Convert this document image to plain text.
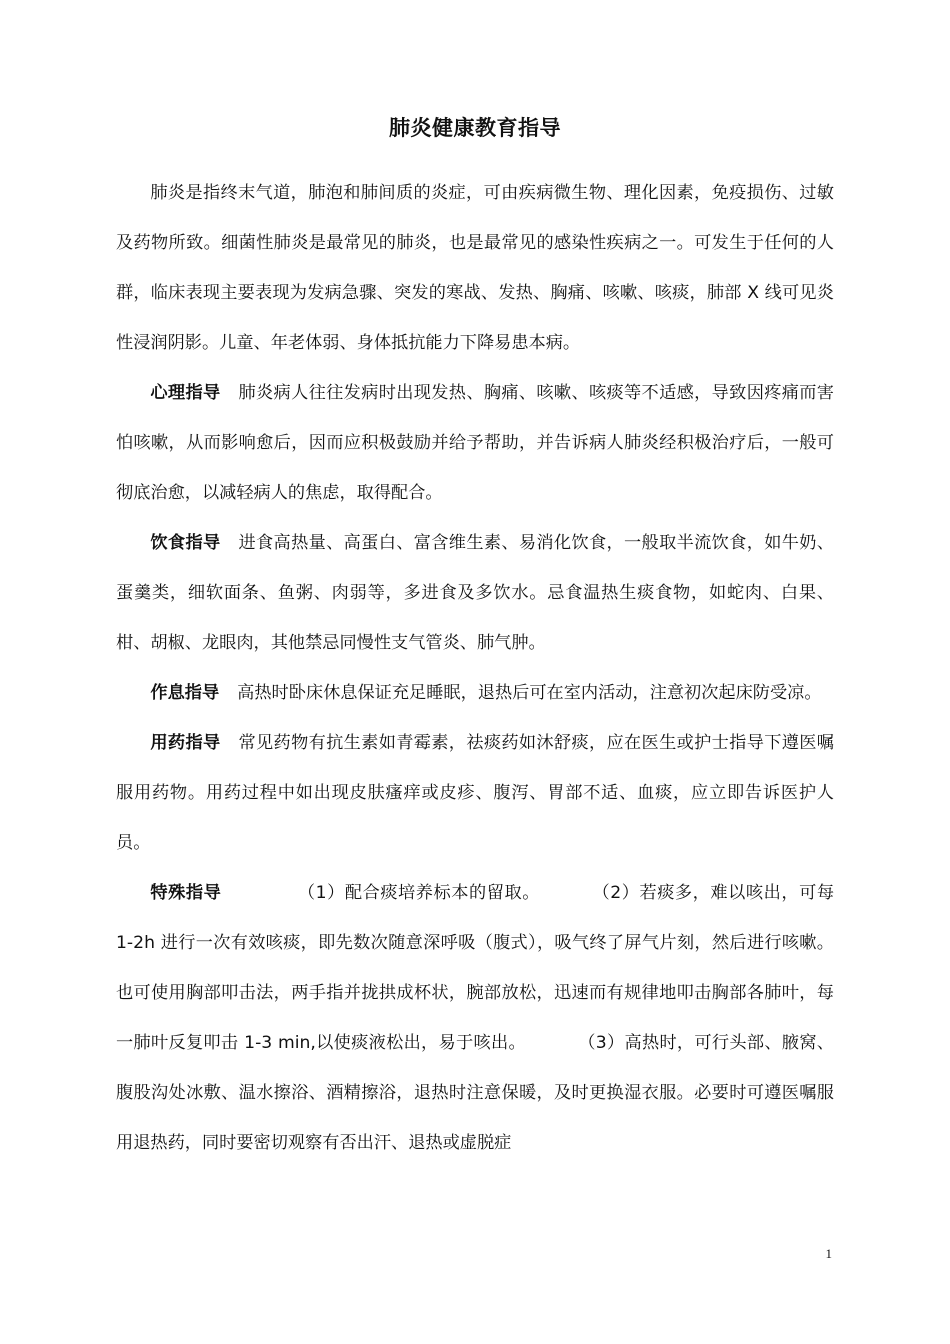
肺炎健康教育指导

肺炎是指终末气道，肺泡和肺间质的炎症，可由疾病微生物、理化因素，免疫损伤、过敏及药物所致。细菌性肺炎是最常见的肺炎，也是最常见的感染性疾病之一。可发生于任何的人群，临床表现主要表现为发病急骤、突发的寒战、发热、胸痛、咳嗽、咳痰，肺部 X 线可见炎性浸润阴影。儿童、年老体弱、身体抵抗能力下降易患本病。

心理指导 肺炎病人往往发病时出现发热、胸痛、咳嗽、咳痰等不适感，导致因疼痛而害怕咳嗽，从而影响愈后，因而应积极鼓励并给予帮助，并告诉病人肺炎经积极治疗后，一般可彻底治愈，以减轻病人的焦虑，取得配合。

饮食指导 进食高热量、高蛋白、富含维生素、易消化饮食，一般取半流饮食，如牛奶、蛋羹类，细软面条、鱼粥、肉弱等，多进食及多饮水。忌食温热生痰食物，如蛇肉、白果、柑、胡椒、龙眼肉，其他禁忌同慢性支气管炎、肺气肿。

作息指导 高热时卧床休息保证充足睡眠，退热后可在室内活动，注意初次起床防受凉。

用药指导 常见药物有抗生素如青霉素，祛痰药如沐舒痰，应在医生或护士指导下遵医嘱服用药物。用药过程中如出现皮肤瘙痒或皮疹、腹泻、胃部不适、血痰，应立即告诉医护人员。

特殊指导	（1）配合痰培养标本的留取。	（2）若痰多，难以咳出，可每 1-2h 进行一次有效咳痰，即先数次随意深呼吸（腹式），吸气终了屏气片刻，然后进行咳嗽。也可使用胸部叩击法，两手指并拢拱成杯状，腕部放松，迅速而有规律地叩击胸部各肺叶，每一肺叶反复叩击 1-3 min,以使痰液松出，易于咳出。	（3）高热时，可行头部、腋窝、腹股沟处冰敷、温水擦浴、酒精擦浴，退热时注意保暖，及时更换湿衣服。必要时可遵医嘱服用退热药，同时要密切观察有否出汗、退热或虚脱症

1
